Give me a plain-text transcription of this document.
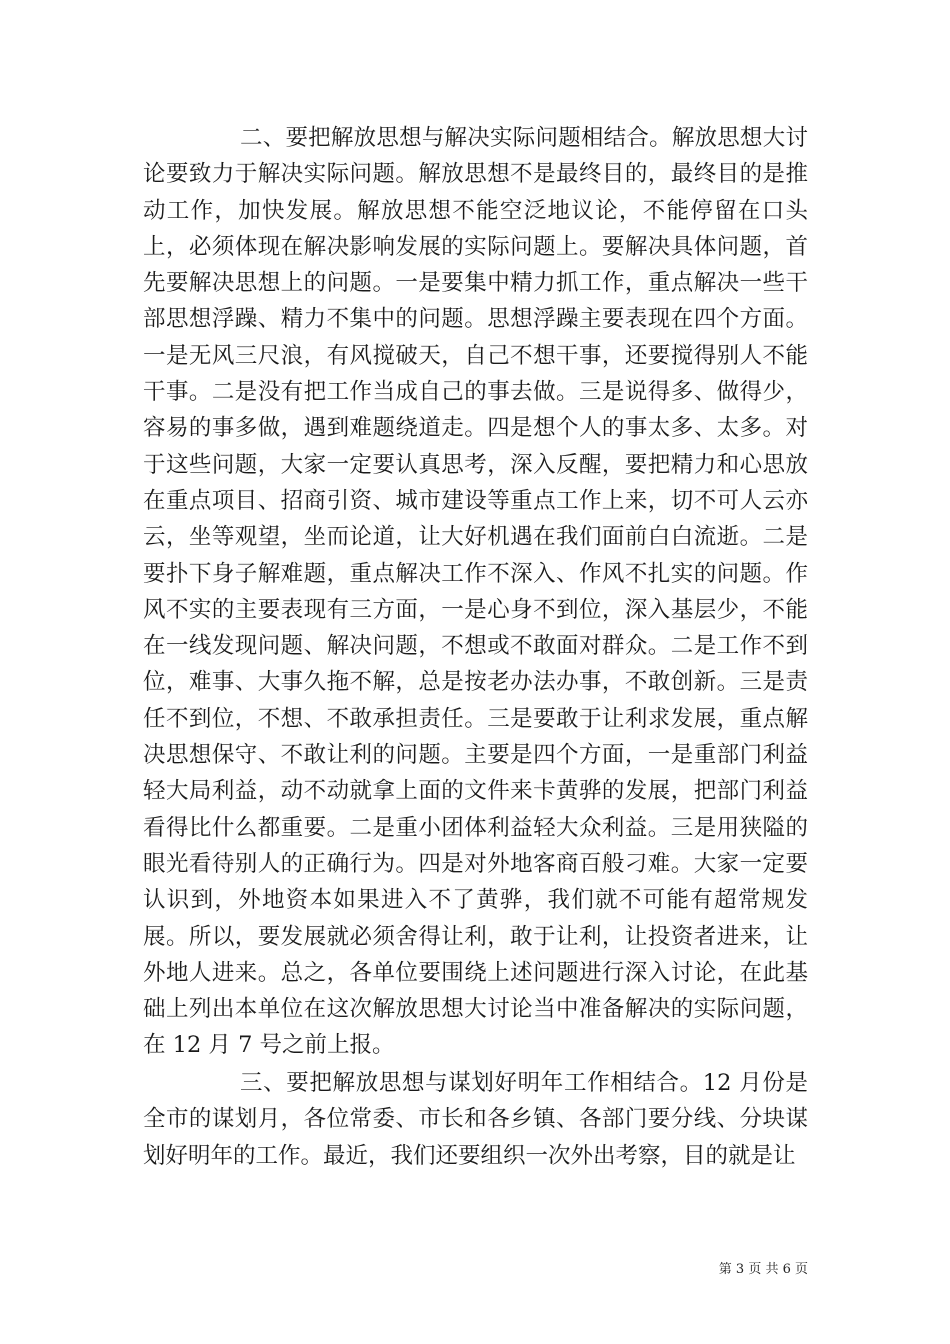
二、要把解放思想与解决实际问题相结合。解放思想大讨论要致力于解决实际问题。解放思想不是最终目的，最终目的是推动工作，加快发展。解放思想不能空泛地议论，不能停留在口头上，必须体现在解决影响发展的实际问题上。要解决具体问题，首先要解决思想上的问题。一是要集中精力抓工作，重点解决一些干部思想浮躁、精力不集中的问题。思想浮躁主要表现在四个方面。一是无风三尺浪，有风搅破天，自己不想干事，还要搅得别人不能干事。二是没有把工作当成自己的事去做。三是说得多、做得少，容易的事多做，遇到难题绕道走。四是想个人的事太多、太多。对于这些问题，大家一定要认真思考，深入反醒，要把精力和心思放在重点项目、招商引资、城市建设等重点工作上来，切不可人云亦云，坐等观望，坐而论道，让大好机遇在我们面前白白流逝。二是要扑下身子解难题，重点解决工作不深入、作风不扎实的问题。作风不实的主要表现有三方面，一是心身不到位，深入基层少，不能在一线发现问题、解决问题，不想或不敢面对群众。二是工作不到位，难事、大事久拖不解，总是按老办法办事，不敢创新。三是责任不到位，不想、不敢承担责任。三是要敢于让利求发展，重点解决思想保守、不敢让利的问题。主要是四个方面，一是重部门利益轻大局利益，动不动就拿上面的文件来卡黄骅的发展，把部门利益看得比什么都重要。二是重小团体利益轻大众利益。三是用狭隘的眼光看待别人的正确行为。四是对外地客商百般刁难。大家一定要认识到，外地资本如果进入不了黄骅，我们就不可能有超常规发展。所以，要发展就必须舍得让利，敢于让利，让投资者进来，让外地人进来。总之，各单位要围绕上述问题进行深入讨论，在此基础上列出本单位在这次解放思想大讨论当中准备解决的实际问题，在 12 月 7 号之前上报。

三、要把解放思想与谋划好明年工作相结合。12 月份是全市的谋划月，各位常委、市长和各乡镇、各部门要分线、分块谋划好明年的工作。最近，我们还要组织一次外出考察，目的就是让

第 3 页 共 6 页
